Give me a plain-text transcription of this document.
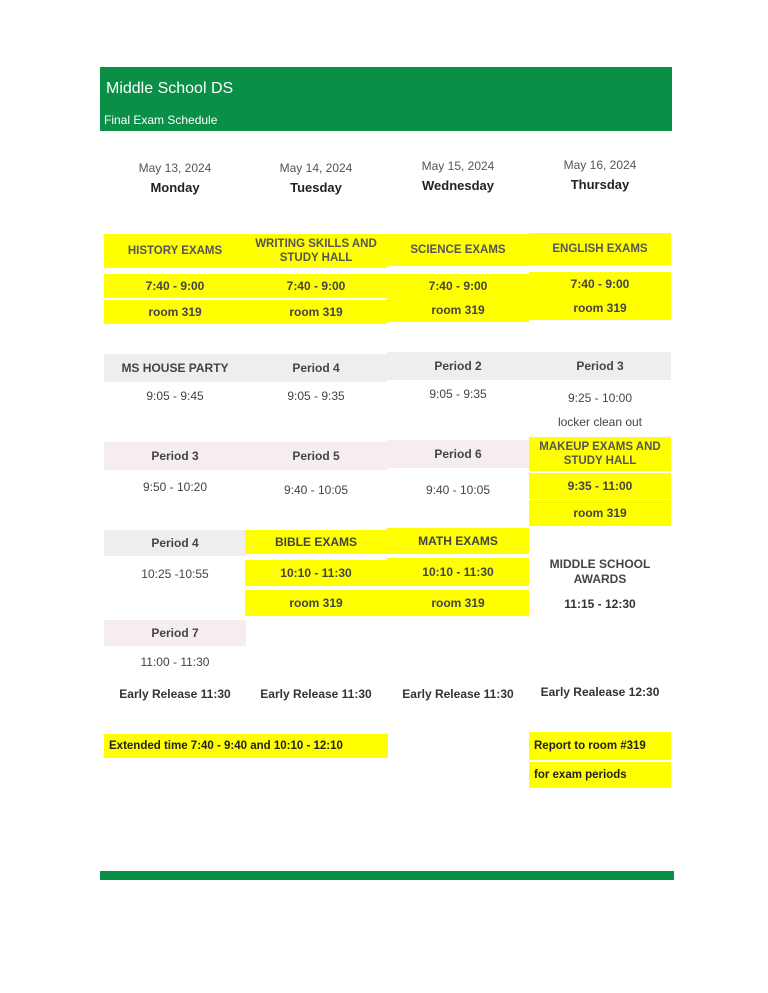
Middle School DS
Final Exam Schedule
May 13, 2024
Monday
HISTORY EXAMS
7:40 - 9:00
room 319
MS HOUSE PARTY
9:05 - 9:45
Period 3
9:50 - 10:20
Period 4
10:25 -10:55
Period 7
11:00 - 11:30
Early Release 11:30
May 14, 2024
Tuesday
WRITING SKILLS AND STUDY HALL
7:40 - 9:00
room 319
Period 4
9:05 - 9:35
Period 5
9:40 - 10:05
BIBLE EXAMS
10:10 - 11:30
room 319
Early Release 11:30
May 15, 2024
Wednesday
SCIENCE EXAMS
7:40 - 9:00
room 319
Period 2
9:05 - 9:35
Period 6
9:40 - 10:05
MATH EXAMS
10:10 - 11:30
room 319
Early Release 11:30
May 16, 2024
Thursday
ENGLISH EXAMS
7:40 - 9:00
room 319
Period 3
9:25 - 10:00
locker clean out
MAKEUP EXAMS AND STUDY HALL
9:35 - 11:00
room 319
MIDDLE SCHOOL AWARDS
11:15 - 12:30
Early Realease 12:30
Extended time 7:40 - 9:40 and 10:10 - 12:10	Report to room #319
for exam periods
